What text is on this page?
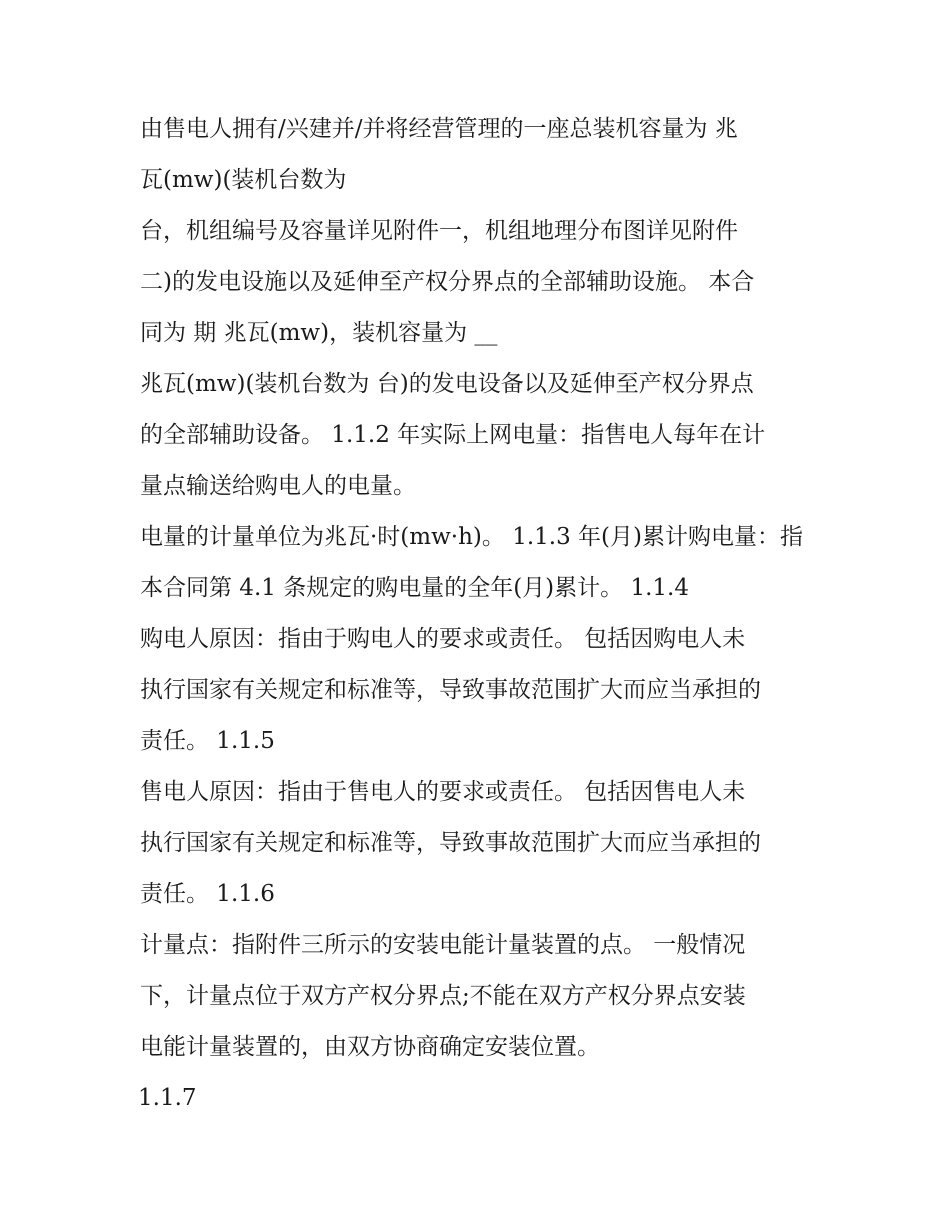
由售电人拥有/兴建并/并将经营管理的一座总装机容量为 兆
瓦(mw)(装机台数为
台，机组编号及容量详见附件一，机组地理分布图详见附件
二)的发电设施以及延伸至产权分界点的全部辅助设施。 本合
同为 期 兆瓦(mw)，装机容量为 __
兆瓦(mw)(装机台数为 台)的发电设备以及延伸至产权分界点
的全部辅助设备。 1.1.2 年实际上网电量：指售电人每年在计
量点输送给购电人的电量。
电量的计量单位为兆瓦·时(mw·h)。 1.1.3 年(月)累计购电量：指
本合同第 4.1 条规定的购电量的全年(月)累计。 1.1.4
购电人原因：指由于购电人的要求或责任。 包括因购电人未
执行国家有关规定和标准等，导致事故范围扩大而应当承担的
责任。 1.1.5
售电人原因：指由于售电人的要求或责任。 包括因售电人未
执行国家有关规定和标准等，导致事故范围扩大而应当承担的
责任。 1.1.6
计量点：指附件三所示的安装电能计量装置的点。 一般情况
下，计量点位于双方产权分界点;不能在双方产权分界点安装
电能计量装置的，由双方协商确定安装位置。
1.1.7
